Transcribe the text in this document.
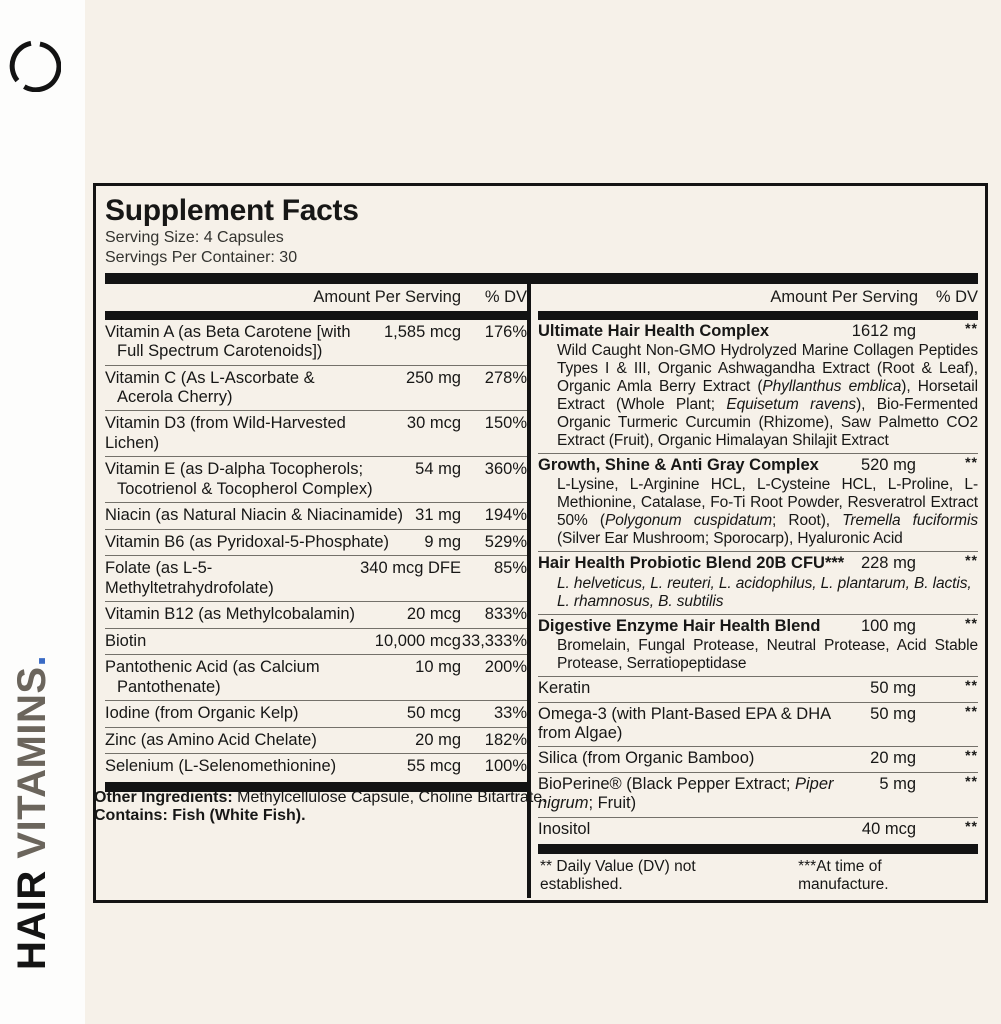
HAIR VITAMINS.
Supplement Facts
Serving Size: 4 Capsules
Servings Per Container: 30
Amount Per Serving	% DV
Vitamin A (as Beta Carotene [with
Full Spectrum Carotenoids])
1,585 mcg	176%
Vitamin C (As L-Ascorbate &
Acerola Cherry)
250 mg	278%
Vitamin D3 (from Wild-Harvested Lichen)
30 mcg	150%
Vitamin E (as D-alpha Tocopherols;
Tocotrienol & Tocopherol Complex)
54 mg	360%
Niacin (as Natural Niacin & Niacinamide) 31 mg	194%
Vitamin B6 (as Pyridoxal-5-Phosphate)	9 mg	529%
Folate (as L-5-Methyltetrahydrofolate)
340 mcg DFE	85%
Vitamin B12 (as Methylcobalamin)	20 mcg	833%
Biotin	10,000 mcg 33,333%
Pantothenic Acid (as Calcium
Pantothenate)
10 mg	200%
Iodine (from Organic Kelp)	50 mcg	33%
Zinc (as Amino Acid Chelate)	20 mg	182%
Selenium (L-Selenomethionine)	55 mcg	100%
Amount Per Serving	% DV
Ultimate Hair Health Complex	1612 mg	**
Wild Caught Non-GMO Hydrolyzed Marine Collagen Peptides Types I & III, Organic Ashwagandha Extract (Root & Leaf), Organic Amla Berry Extract (Phyllanthus emblica), Horsetail Extract (Whole Plant; Equisetum ravens), Bio-Fermented Organic Turmeric Curcumin (Rhizome), Saw Palmetto CO2 Extract (Fruit), Organic Himalayan Shilajit Extract
Growth, Shine & Anti Gray Complex	520 mg	**
L-Lysine, L-Arginine HCL, L-Cysteine HCL, L-Proline, L-Methionine, Catalase, Fo-Ti Root Powder, Resveratrol Extract 50% (Polygonum cuspidatum; Root), Tremella fuciformis (Silver Ear Mushroom; Sporocarp), Hyaluronic Acid
Hair Health Probiotic Blend 20B CFU***	228 mg	**
L. helveticus, L. reuteri, L. acidophilus, L. plantarum, B. lactis, L. rhamnosus, B. subtilis
Digestive Enzyme Hair Health Blend	100 mg	**
Bromelain, Fungal Protease, Neutral Protease, Acid Stable Protease, Serratiopeptidase
Keratin	50 mg	**
Omega-3 (with Plant-Based EPA & DHA from Algae)
50 mg	**
Silica (from Organic Bamboo)	20 mg	**
BioPerine® (Black Pepper Extract; Piper nigrum; Fruit)
5 mg	**
Inositol	40 mcg	**
** Daily Value (DV) not established.
***At time of manufacture.
Other Ingredients: Methylcellulose Capsule, Choline Bitartrate.
Contains: Fish (White Fish).
